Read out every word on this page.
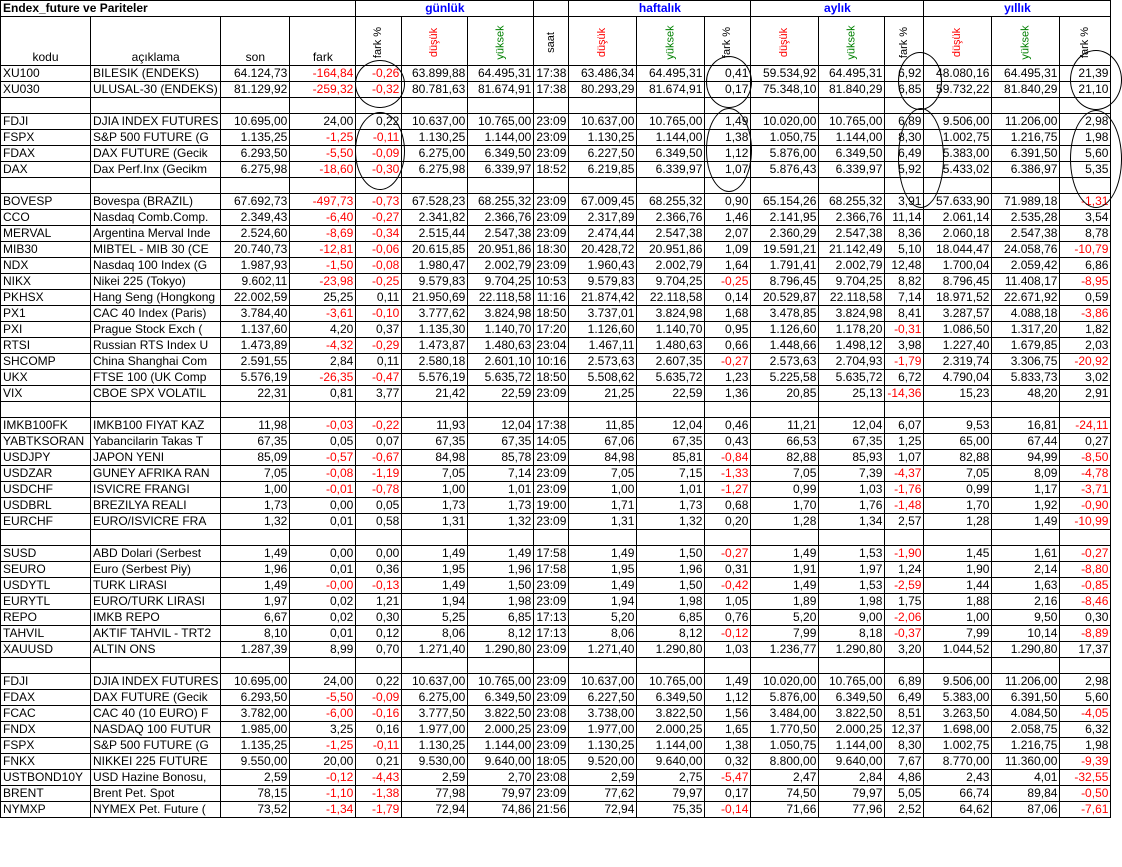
Endex_future ve Pariteler				günlük				haftalık			aylık			yıllık		
kodu	açıklama	son	fark	fark %	düşük	yüksek	saat	düşük	yüksek	fark %	düşük	yüksek	fark %	düşük	yüksek	fark %

XU100	BILESIK (ENDEKS)	64.124,73	-164,84	-0,26	63.899,88	64.495,31	17:38	63.486,34	64.495,31	0,41	59.534,92	64.495,31	6,92	48.080,16	64.495,31	21,39
XU030	ULUSAL-30 (ENDEKS)	81.129,92	-259,32	-0,32	80.781,63	81.674,91	17:38	80.293,29	81.674,91	0,17	75.348,10	81.840,29	6,85	59.732,22	81.840,29	21,10

FDJI	DJIA INDEX FUTURES	10.695,00	24,00	0,22	10.637,00	10.765,00	23:09	10.637,00	10.765,00	1,49	10.020,00	10.765,00	6,89	9.506,00	11.206,00	2,98
FSPX	S&P 500 FUTURE (G	1.135,25	-1,25	-0,11	1.130,25	1.144,00	23:09	1.130,25	1.144,00	1,38	1.050,75	1.144,00	8,30	1.002,75	1.216,75	1,98
FDAX	DAX FUTURE (Gecik	6.293,50	-5,50	-0,09	6.275,00	6.349,50	23:09	6.227,50	6.349,50	1,12	5.876,00	6.349,50	6,49	5.383,00	6.391,50	5,60
DAX	Dax Perf.Inx (Gecikm	6.275,98	-18,60	-0,30	6.275,98	6.339,97	18:52	6.219,85	6.339,97	1,07	5.876,43	6.339,97	5,92	5.433,02	6.386,97	5,35

BOVESP	Bovespa (BRAZIL)	67.692,73	-497,73	-0,73	67.528,23	68.255,32	23:09	67.009,45	68.255,32	0,90	65.154,26	68.255,32	3,91	57.633,90	71.989,18	-1,31
CCO	Nasdaq Comb.Comp.	2.349,43	-6,40	-0,27	2.341,82	2.366,76	23:09	2.317,89	2.366,76	1,46	2.141,95	2.366,76	11,14	2.061,14	2.535,28	3,54
MERVAL	Argentina Merval Inde	2.524,60	-8,69	-0,34	2.515,44	2.547,38	23:09	2.474,44	2.547,38	2,07	2.360,29	2.547,38	8,36	2.060,18	2.547,38	8,78
MIB30	MIBTEL - MIB 30 (CE	20.740,73	-12,81	-0,06	20.615,85	20.951,86	18:30	20.428,72	20.951,86	1,09	19.591,21	21.142,49	5,10	18.044,47	24.058,76	-10,79
NDX	Nasdaq 100 Index (G	1.987,93	-1,50	-0,08	1.980,47	2.002,79	23:09	1.960,43	2.002,79	1,64	1.791,41	2.002,79	12,48	1.700,04	2.059,42	6,86
NIKX	Nikei 225 (Tokyo)	9.602,11	-23,98	-0,25	9.579,83	9.704,25	10:53	9.579,83	9.704,25	-0,25	8.796,45	9.704,25	8,82	8.796,45	11.408,17	-8,95
PKHSX	Hang Seng (Hongkong	22.002,59	25,25	0,11	21.950,69	22.118,58	11:16	21.874,42	22.118,58	0,14	20.529,87	22.118,58	7,14	18.971,52	22.671,92	0,59
PX1	CAC 40 Index (Paris)	3.784,40	-3,61	-0,10	3.777,62	3.824,98	18:50	3.737,01	3.824,98	1,68	3.478,85	3.824,98	8,41	3.287,57	4.088,18	-3,86
PXI	Prague Stock Exch (	1.137,60	4,20	0,37	1.135,30	1.140,70	17:20	1.126,60	1.140,70	0,95	1.126,60	1.178,20	-0,31	1.086,50	1.317,20	1,82
RTSI	Russian RTS Index U	1.473,89	-4,32	-0,29	1.473,87	1.480,63	23:04	1.467,11	1.480,63	0,66	1.448,66	1.498,12	3,98	1.227,40	1.679,85	2,03
SHCOMP	China Shanghai Com	2.591,55	2,84	0,11	2.580,18	2.601,10	10:16	2.573,63	2.607,35	-0,27	2.573,63	2.704,93	-1,79	2.319,74	3.306,75	-20,92
UKX	FTSE 100 (UK Comp	5.576,19	-26,35	-0,47	5.576,19	5.635,72	18:50	5.508,62	5.635,72	1,23	5.225,58	5.635,72	6,72	4.790,04	5.833,73	3,02
VIX	CBOE SPX VOLATIL	22,31	0,81	3,77	21,42	22,59	23:09	21,25	22,59	1,36	20,85	25,13	-14,36	15,23	48,20	2,91

IMKB100FK	IMKB100 FIYAT KAZ	11,98	-0,03	-0,22	11,93	12,04	17:38	11,85	12,04	0,46	11,21	12,04	6,07	9,53	16,81	-24,11
YABTKSORAN	Yabancilarin Takas T	67,35	0,05	0,07	67,35	67,35	14:05	67,06	67,35	0,43	66,53	67,35	1,25	65,00	67,44	0,27
USDJPY	JAPON YENI	85,09	-0,57	-0,67	84,98	85,78	23:09	84,98	85,81	-0,84	82,88	85,93	1,07	82,88	94,99	-8,50
USDZAR	GUNEY AFRIKA RAN	7,05	-0,08	-1,19	7,05	7,14	23:09	7,05	7,15	-1,33	7,05	7,39	-4,37	7,05	8,09	-4,78
USDCHF	ISVICRE FRANGI	1,00	-0,01	-0,78	1,00	1,01	23:09	1,00	1,01	-1,27	0,99	1,03	-1,76	0,99	1,17	-3,71
USDBRL	BREZILYA REALI	1,73	0,00	0,05	1,73	1,73	19:00	1,71	1,73	0,68	1,70	1,76	-1,48	1,70	1,92	-0,90
EURCHF	EURO/ISVICRE FRA	1,32	0,01	0,58	1,31	1,32	23:09	1,31	1,32	0,20	1,28	1,34	2,57	1,28	1,49	-10,99

SUSD	ABD Dolari (Serbest	1,49	0,00	0,00	1,49	1,49	17:58	1,49	1,50	-0,27	1,49	1,53	-1,90	1,45	1,61	-0,27
SEURO	Euro (Serbest Piy)	1,96	0,01	0,36	1,95	1,96	17:58	1,95	1,96	0,31	1,91	1,97	1,24	1,90	2,14	-8,80
USDYTL	TURK LIRASI	1,49	-0,00	-0,13	1,49	1,50	23:09	1,49	1,50	-0,42	1,49	1,53	-2,59	1,44	1,63	-0,85
EURYTL	EURO/TURK LIRASI	1,97	0,02	1,21	1,94	1,98	23:09	1,94	1,98	1,05	1,89	1,98	1,75	1,88	2,16	-8,46
REPO	IMKB REPO	6,67	0,02	0,30	5,25	6,85	17:13	5,20	6,85	0,76	5,20	9,00	-2,06	1,00	9,50	0,30
TAHVIL	AKTIF TAHVIL - TRT2	8,10	0,01	0,12	8,06	8,12	17:13	8,06	8,12	-0,12	7,99	8,18	-0,37	7,99	10,14	-8,89
XAUUSD	ALTIN ONS	1.287,39	8,99	0,70	1.271,40	1.290,80	23:09	1.271,40	1.290,80	1,03	1.236,77	1.290,80	3,20	1.044,52	1.290,80	17,37

FDJI	DJIA INDEX FUTURES	10.695,00	24,00	0,22	10.637,00	10.765,00	23:09	10.637,00	10.765,00	1,49	10.020,00	10.765,00	6,89	9.506,00	11.206,00	2,98
FDAX	DAX FUTURE (Gecik	6.293,50	-5,50	-0,09	6.275,00	6.349,50	23:09	6.227,50	6.349,50	1,12	5.876,00	6.349,50	6,49	5.383,00	6.391,50	5,60
FCAC	CAC 40 (10 EURO) F	3.782,00	-6,00	-0,16	3.777,50	3.822,50	23:08	3.738,00	3.822,50	1,56	3.484,00	3.822,50	8,51	3.263,50	4.084,50	-4,05
FNDX	NASDAQ 100 FUTUR	1.985,00	3,25	0,16	1.977,00	2.000,25	23:09	1.977,00	2.000,25	1,65	1.770,50	2.000,25	12,37	1.698,00	2.058,75	6,32
FSPX	S&P 500 FUTURE (G	1.135,25	-1,25	-0,11	1.130,25	1.144,00	23:09	1.130,25	1.144,00	1,38	1.050,75	1.144,00	8,30	1.002,75	1.216,75	1,98
FNKX	NIKKEI 225 FUTURE	9.550,00	20,00	0,21	9.530,00	9.640,00	18:05	9.520,00	9.640,00	0,32	8.800,00	9.640,00	7,67	8.770,00	11.360,00	-9,39
USTBOND10Y	USD Hazine Bonosu,	2,59	-0,12	-4,43	2,59	2,70	23:08	2,59	2,75	-5,47	2,47	2,84	4,86	2,43	4,01	-32,55
BRENT	Brent Pet. Spot	78,15	-1,10	-1,38	77,98	79,97	23:09	77,62	79,97	0,17	74,50	79,97	5,05	66,74	89,84	-0,50
NYMXP	NYMEX Pet. Future (	73,52	-1,34	-1,79	72,94	74,86	21:56	72,94	75,35	-0,14	71,66	77,96	2,52	64,62	87,06	-7,61
